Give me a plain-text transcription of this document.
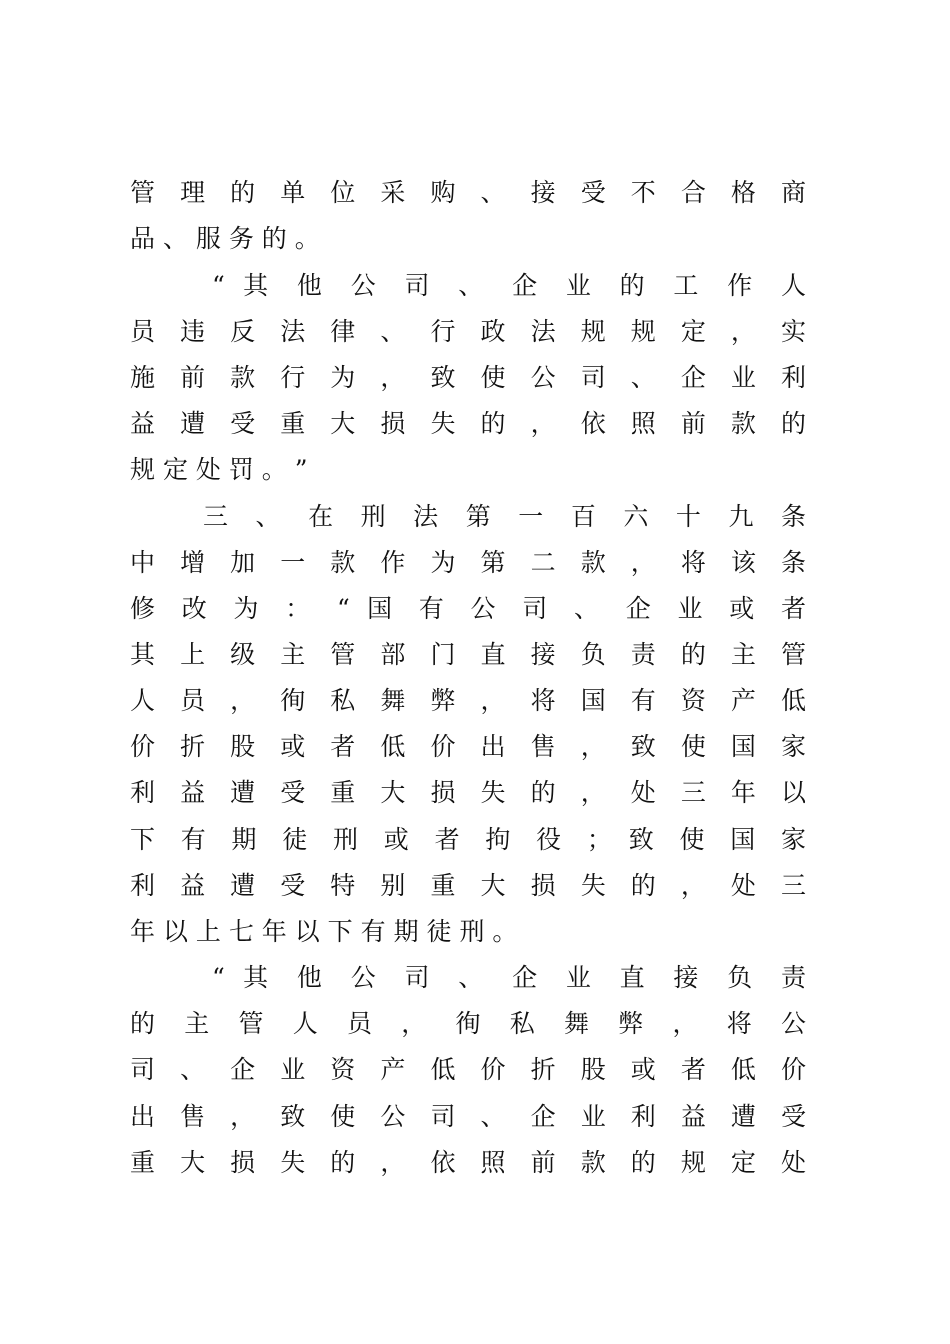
管 理 的 单 位 采 购 、 接 受 不 合 格 商
品 、 服 务 的 。
“ 其 他 公 司 、 企 业 的 工 作 人
员 违 反 法 律 、 行 政 法 规 规 定 ， 实
施 前 款 行 为 ， 致 使 公 司 、 企 业 利
益 遭 受 重 大 损 失 的 ， 依 照 前 款 的
规 定 处 罚 。 ”
三 、 在 刑 法 第 一 百 六 十 九 条
中 增 加 一 款 作 为 第 二 款 ， 将 该 条
修 改 为 ： “ 国 有 公 司 、 企 业 或 者
其 上 级 主 管 部 门 直 接 负 责 的 主 管
人 员 ， 徇 私 舞 弊 ， 将 国 有 资 产 低
价 折 股 或 者 低 价 出 售 ， 致 使 国 家
利 益 遭 受 重 大 损 失 的 ， 处 三 年 以
下 有 期 徒 刑 或 者 拘 役 ； 致 使 国 家
利 益 遭 受 特 别 重 大 损 失 的 ， 处 三
年 以 上 七 年 以 下 有 期 徒 刑 。
“ 其 他 公 司 、 企 业 直 接 负 责
的 主 管 人 员 ， 徇 私 舞 弊 ， 将 公
司 、 企 业 资 产 低 价 折 股 或 者 低 价
出 售 ， 致 使 公 司 、 企 业 利 益 遭 受
重 大 损 失 的 ， 依 照 前 款 的 规 定 处
